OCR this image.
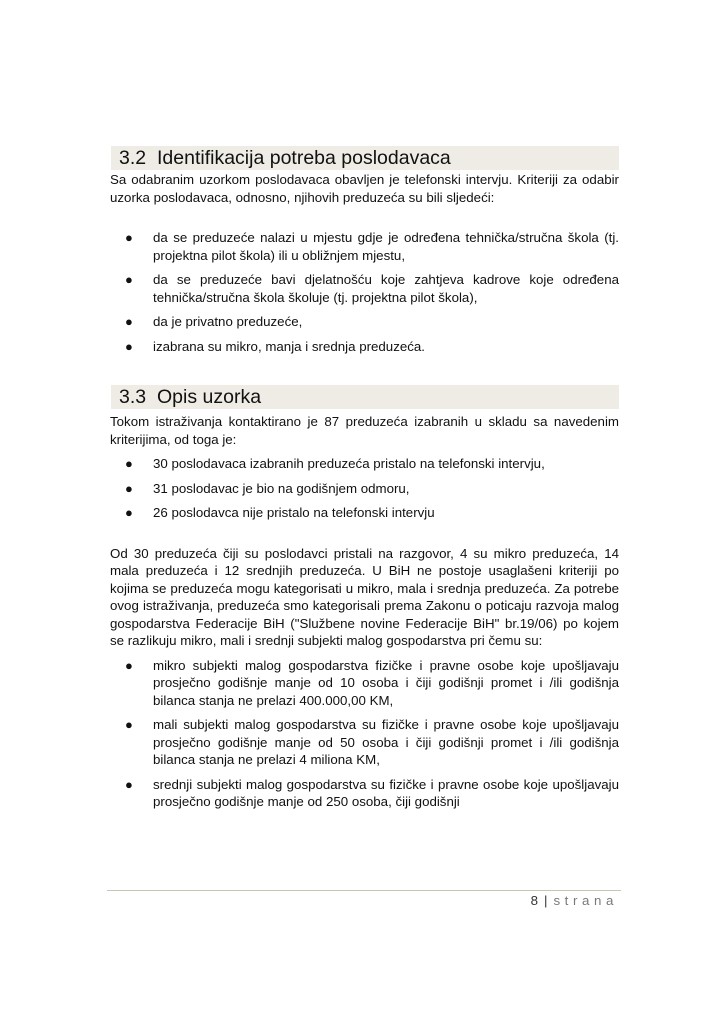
3.2 Identifikacija potreba poslodavaca

Sa odabranim uzorkom poslodavaca obavljen je telefonski intervju. Kriteriji za odabir uzorka poslodavaca, odnosno, njihovih preduzeća su bili sljedeći:

● da se preduzeće nalazi u mjestu gdje je određena tehnička/stručna škola (tj. projektna pilot škola) ili u obližnjem mjestu,
● da se preduzeće bavi djelatnošću koje zahtjeva kadrove koje određena tehnička/stručna škola školuje (tj. projektna pilot škola),
● da je privatno preduzeće,
● izabrana su mikro, manja i srednja preduzeća.
3.3 Opis uzorka

Tokom istraživanja kontaktirano je 87 preduzeća izabranih u skladu sa navedenim kriterijima, od toga je:

● 30 poslodavaca izabranih preduzeća pristalo na telefonski intervju,
● 31 poslodavac je bio na godišnjem odmoru,
● 26 poslodavca nije pristalo na telefonski intervju

Od 30 preduzeća čiji su poslodavci pristali na razgovor, 4 su mikro preduzeća, 14 mala preduzeća i 12 srednjih preduzeća. U BiH ne postoje usaglašeni kriteriji po kojima se preduzeća mogu kategorisati u mikro, mala i srednja preduzeća. Za potrebe ovog istraživanja, preduzeća smo kategorisali prema Zakonu o poticaju razvoja malog gospodarstva Federacije BiH ("Službene novine Federacije BiH" br.19/06) po kojem se razlikuju mikro, mali i srednji subjekti malog gospodarstva pri čemu su:

● mikro subjekti malog gospodarstva fizičke i pravne osobe koje upošljavaju prosječno godišnje manje od 10 osoba i čiji godišnji promet i /ili godišnja bilanca stanja ne prelazi 400.000,00 KM,
● mali subjekti malog gospodarstva su fizičke i pravne osobe koje upošljavaju prosječno godišnje manje od 50 osoba i čiji godišnji promet i /ili godišnja bilanca stanja ne prelazi 4 miliona KM,
● srednji subjekti malog gospodarstva su fizičke i pravne osobe koje upošljavaju prosječno godišnje manje od 250 osoba, čiji godišnji
8 | strana
